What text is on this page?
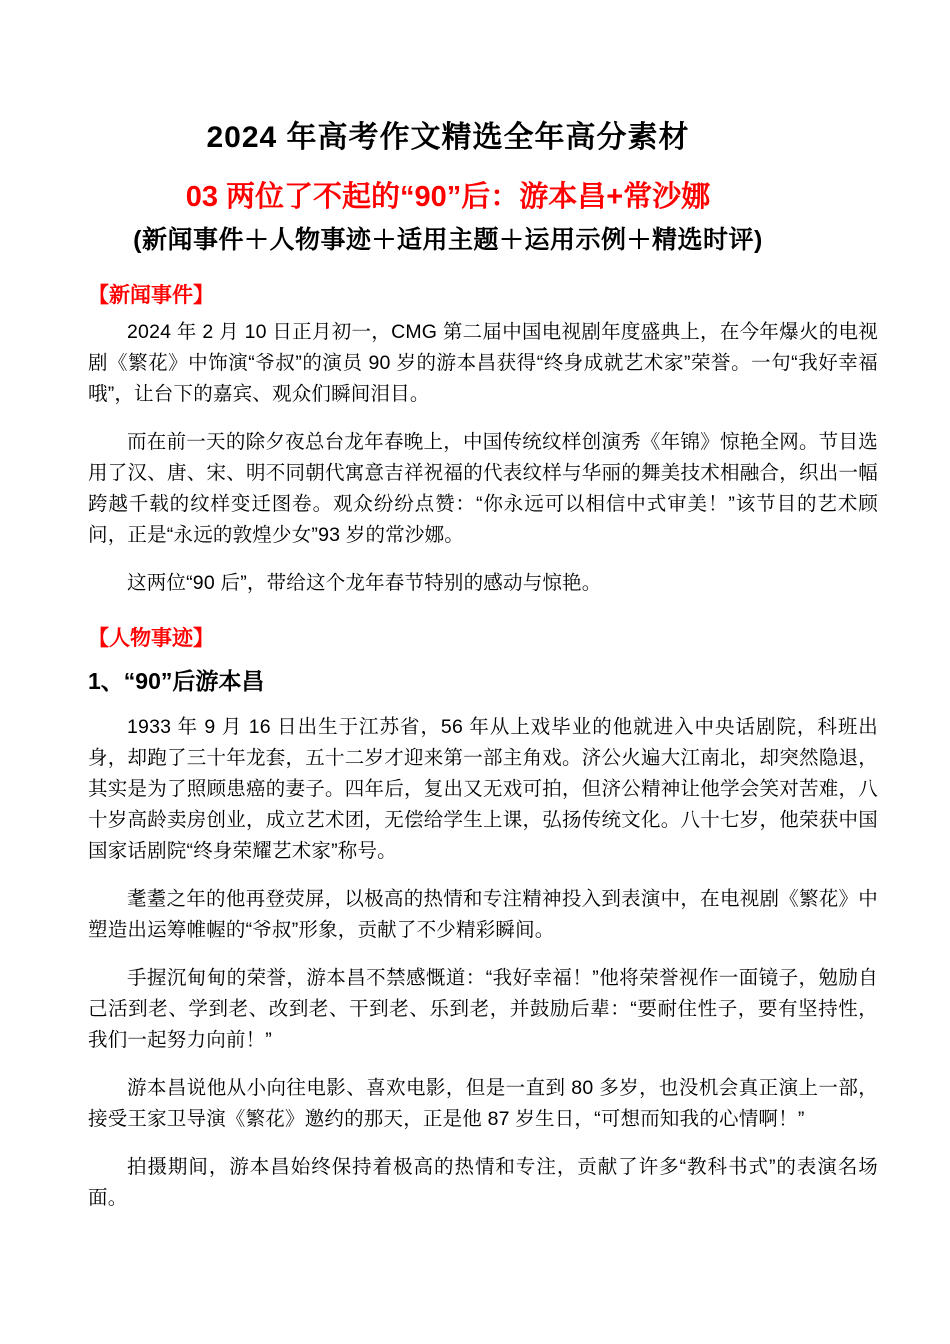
2024 年高考作文精选全年高分素材
03 两位了不起的“90”后：游本昌+常沙娜
(新闻事件＋人物事迹＋适用主题＋运用示例＋精选时评)
【新闻事件】

2024 年 2 月 10 日正月初一，CMG 第二届中国电视剧年度盛典上，在今年爆火的电视剧《繁花》中饰演“爷叔”的演员 90 岁的游本昌获得“终身成就艺术家”荣誉。一句“我好幸福哦”，让台下的嘉宾、观众们瞬间泪目。

而在前一天的除夕夜总台龙年春晚上，中国传统纹样创演秀《年锦》惊艳全网。节目选用了汉、唐、宋、明不同朝代寓意吉祥祝福的代表纹样与华丽的舞美技术相融合，织出一幅跨越千载的纹样变迁图卷。观众纷纷点赞：“你永远可以相信中式审美！”该节目的艺术顾问，正是“永远的敦煌少女”93 岁的常沙娜。

这两位“90 后”，带给这个龙年春节特别的感动与惊艳。

【人物事迹】
1、“90”后游本昌

1933 年 9 月 16 日出生于江苏省，56 年从上戏毕业的他就进入中央话剧院，科班出身，却跑了三十年龙套，五十二岁才迎来第一部主角戏。济公火遍大江南北，却突然隐退，其实是为了照顾患癌的妻子。四年后，复出又无戏可拍，但济公精神让他学会笑对苦难，八十岁高龄卖房创业，成立艺术团，无偿给学生上课，弘扬传统文化。八十七岁，他荣获中国国家话剧院“终身荣耀艺术家”称号。

耄耋之年的他再登荧屏，以极高的热情和专注精神投入到表演中，在电视剧《繁花》中塑造出运筹帷幄的“爷叔”形象，贡献了不少精彩瞬间。

手握沉甸甸的荣誉，游本昌不禁感慨道：“我好幸福！”他将荣誉视作一面镜子，勉励自己活到老、学到老、改到老、干到老、乐到老，并鼓励后辈：“要耐住性子，要有坚持性，我们一起努力向前！”

游本昌说他从小向往电影、喜欢电影，但是一直到 80 多岁，也没机会真正演上一部，接受王家卫导演《繁花》邀约的那天，正是他 87 岁生日，“可想而知我的心情啊！”

拍摄期间，游本昌始终保持着极高的热情和专注，贡献了许多“教科书式”的表演名场面。
